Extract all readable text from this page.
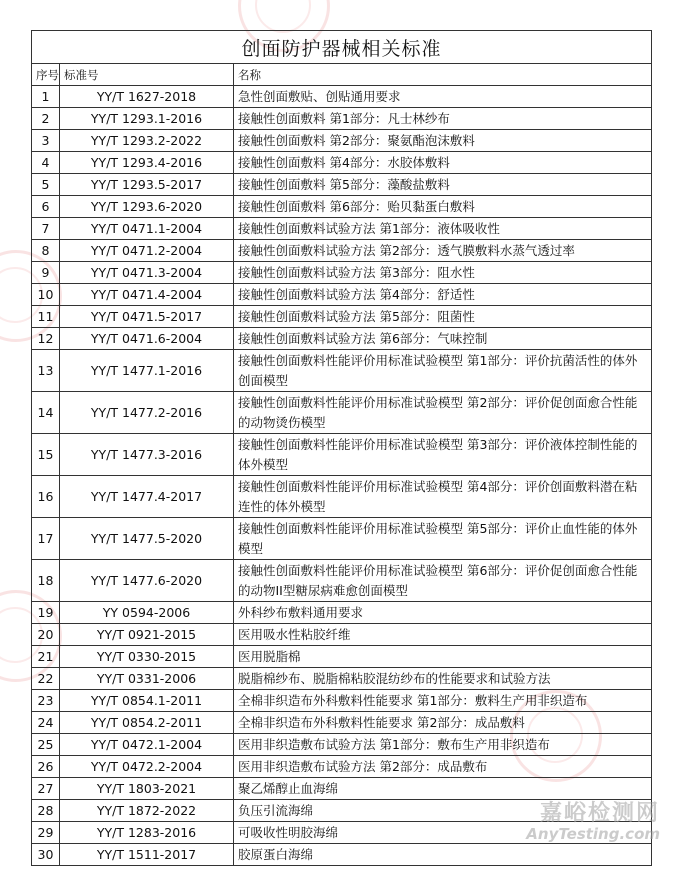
创面防护器械相关标准		
序号	标准号	名称
1	YY/T 1627-2018	急性创面敷贴、创贴通用要求
2	YY/T 1293.1-2016	接触性创面敷料 第1部分：凡士林纱布
3	YY/T 1293.2-2022	接触性创面敷料 第2部分：聚氨酯泡沫敷料
4	YY/T 1293.4-2016	接触性创面敷料 第4部分：水胶体敷料
5	YY/T 1293.5-2017	接触性创面敷料 第5部分：藻酸盐敷料
6	YY/T 1293.6-2020	接触性创面敷料 第6部分：贻贝黏蛋白敷料
7	YY/T 0471.1-2004	接触性创面敷料试验方法 第1部分：液体吸收性
8	YY/T 0471.2-2004	接触性创面敷料试验方法 第2部分：透气膜敷料水蒸气透过率
9	YY/T 0471.3-2004	接触性创面敷料试验方法 第3部分：阻水性
10	YY/T 0471.4-2004	接触性创面敷料试验方法 第4部分：舒适性
11	YY/T 0471.5-2017	接触性创面敷料试验方法 第5部分：阻菌性
12	YY/T 0471.6-2004	接触性创面敷料试验方法 第6部分：气味控制
13	YY/T 1477.1-2016	接触性创面敷料性能评价用标准试验模型 第1部分：评价抗菌活性的体外创面模型
14	YY/T 1477.2-2016	接触性创面敷料性能评价用标准试验模型 第2部分：评价促创面愈合性能的动物烫伤模型
15	YY/T 1477.3-2016	接触性创面敷料性能评价用标准试验模型 第3部分：评价液体控制性能的体外模型
16	YY/T 1477.4-2017	接触性创面敷料性能评价用标准试验模型 第4部分：评价创面敷料潜在粘连性的体外模型
17	YY/T 1477.5-2020	接触性创面敷料性能评价用标准试验模型 第5部分：评价止血性能的体外模型
18	YY/T 1477.6-2020	接触性创面敷料性能评价用标准试验模型 第6部分：评价促创面愈合性能的动物II型糖尿病难愈创面模型
19	YY 0594-2006	外科纱布敷料通用要求
20	YY/T 0921-2015	医用吸水性粘胶纤维
21	YY/T 0330-2015	医用脱脂棉
22	YY/T 0331-2006	脱脂棉纱布、脱脂棉粘胶混纺纱布的性能要求和试验方法
23	YY/T 0854.1-2011	全棉非织造布外科敷料性能要求 第1部分：敷料生产用非织造布
24	YY/T 0854.2-2011	全棉非织造布外科敷料性能要求 第2部分：成品敷料
25	YY/T 0472.1-2004	医用非织造敷布试验方法 第1部分：敷布生产用非织造布
26	YY/T 0472.2-2004	医用非织造敷布试验方法 第2部分：成品敷布
27	YY/T 1803-2021	聚乙烯醇止血海绵
28	YY/T 1872-2022	负压引流海绵
29	YY/T 1283-2016	可吸收性明胶海绵
30	YY/T 1511-2017	胶原蛋白海绵
嘉峪检测网
AnyTesting.com
